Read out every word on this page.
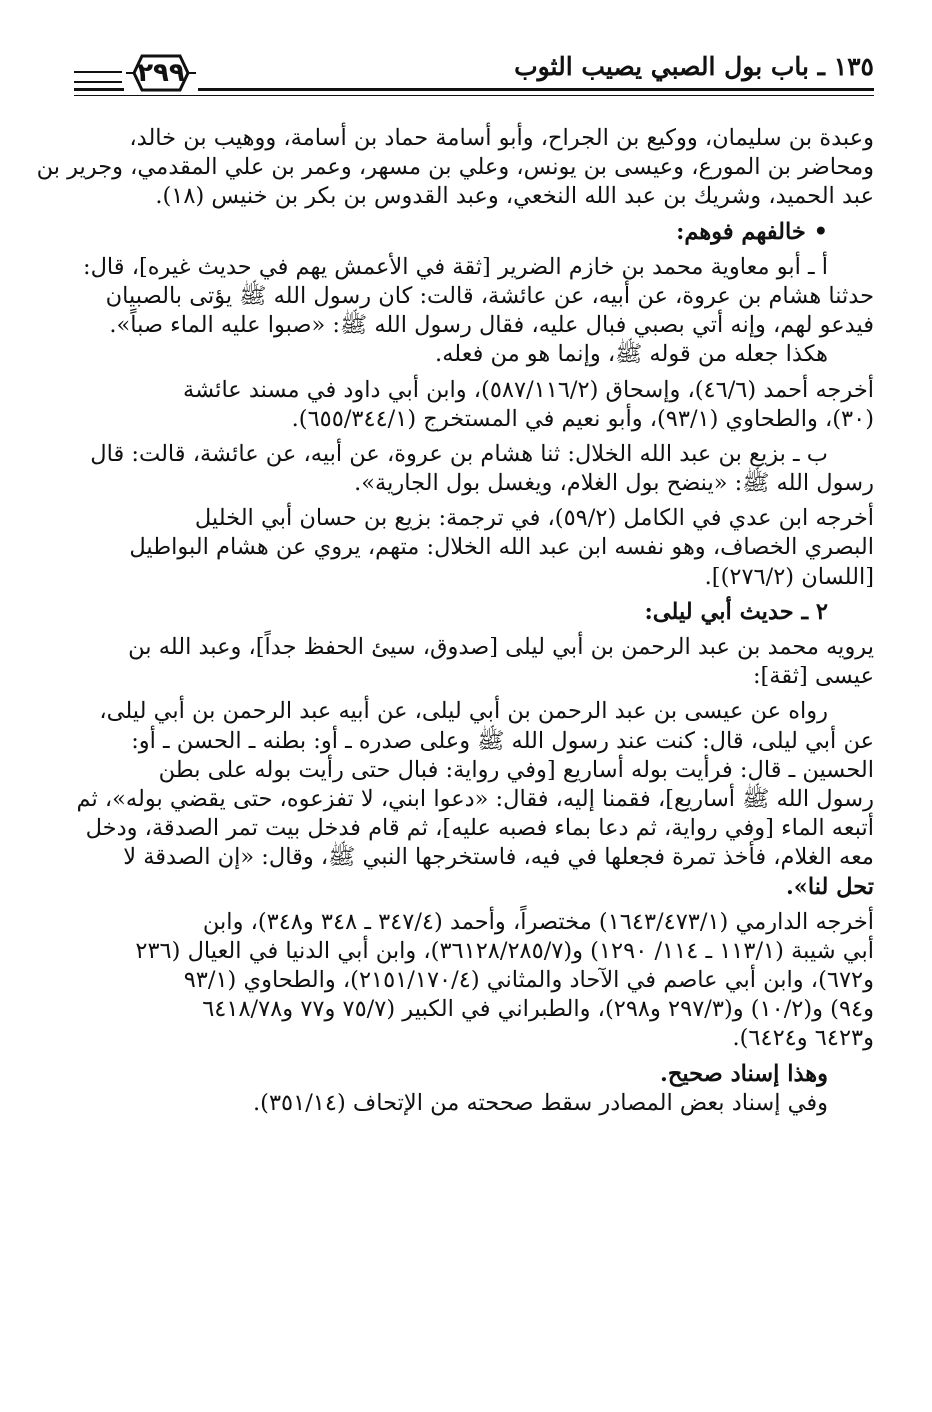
١٣٥ ـ باب بول الصبي يصيب الثوب
٢٩٩
وعبدة بن سليمان، ووكيع بن الجراح، وأبو أسامة حماد بن أسامة، ووهيب بن خالد،
ومحاضر بن المورع، وعيسى بن يونس، وعلي بن مسهر، وعمر بن علي المقدمي، وجرير بن
عبد الحميد، وشريك بن عبد الله النخعي، وعبد القدوس بن بكر بن خنيس (١٨).
• خالفهم فوهم:
أ ـ أبو معاوية محمد بن خازم الضرير [ثقة في الأعمش يهم في حديث غيره]، قال:
حدثنا هشام بن عروة، عن أبيه، عن عائشة، قالت: كان رسول الله ﷺ يؤتى بالصبيان
فيدعو لهم، وإنه أتي بصبي فبال عليه، فقال رسول الله ﷺ: «صبوا عليه الماء صباً».
هكذا جعله من قوله ﷺ، وإنما هو من فعله.
أخرجه أحمد (٤٦/٦)، وإسحاق (٥٨٧/١١٦/٢)، وابن أبي داود في مسند عائشة
(٣٠)، والطحاوي (٩٣/١)، وأبو نعيم في المستخرج (٦٥٥/٣٤٤/١).
ب ـ بزيع بن عبد الله الخلال: ثنا هشام بن عروة، عن أبيه، عن عائشة، قالت: قال
رسول الله ﷺ: «ينضح بول الغلام، ويغسل بول الجارية».
أخرجه ابن عدي في الكامل (٥٩/٢)، في ترجمة: بزيع بن حسان أبي الخليل
البصري الخصاف، وهو نفسه ابن عبد الله الخلال: متهم، يروي عن هشام البواطيل
[اللسان (٢٧٦/٢)].
٢ ـ حديث أبي ليلى:
يرويه محمد بن عبد الرحمن بن أبي ليلى [صدوق، سيئ الحفظ جداً]، وعبد الله بن
عيسى [ثقة]:
رواه عن عيسى بن عبد الرحمن بن أبي ليلى، عن أبيه عبد الرحمن بن أبي ليلى،
عن أبي ليلى، قال: كنت عند رسول الله ﷺ وعلى صدره ـ أو: بطنه ـ الحسن ـ أو:
الحسين ـ قال: فرأيت بوله أساريع [وفي رواية: فبال حتى رأيت بوله على بطن
رسول الله ﷺ أساريع]، فقمنا إليه، فقال: «دعوا ابني، لا تفزعوه، حتى يقضي بوله»، ثم
أتبعه الماء [وفي رواية، ثم دعا بماء فصبه عليه]، ثم قام فدخل بيت تمر الصدقة، ودخل
معه الغلام، فأخذ تمرة فجعلها في فيه، فاستخرجها النبي ﷺ، وقال: «إن الصدقة لا
تحل لنا».
أخرجه الدارمي (١٦٤٣/٤٧٣/١) مختصراً، وأحمد (٣٤٧/٤ ـ ٣٤٨ و٣٤٨)، وابن
أبي شيبة (١١٣/١ ـ ١١٤/ ١٢٩٠) و(٣٦١٢٨/٢٨٥/٧)، وابن أبي الدنيا في العيال (٢٣٦
و٦٧٢)، وابن أبي عاصم في الآحاد والمثاني (٢١٥١/١٧٠/٤)، والطحاوي (٩٣/١
و٩٤) و(١٠/٢) و(٢٩٧/٣ و٢٩٨)، والطبراني في الكبير (٧٥/٧ و٧٧ و٦٤١٨/٧٨
و٦٤٢٣ و٦٤٢٤).
وهذا إسناد صحيح.
وفي إسناد بعض المصادر سقط صححته من الإتحاف (٣٥١/١٤).
